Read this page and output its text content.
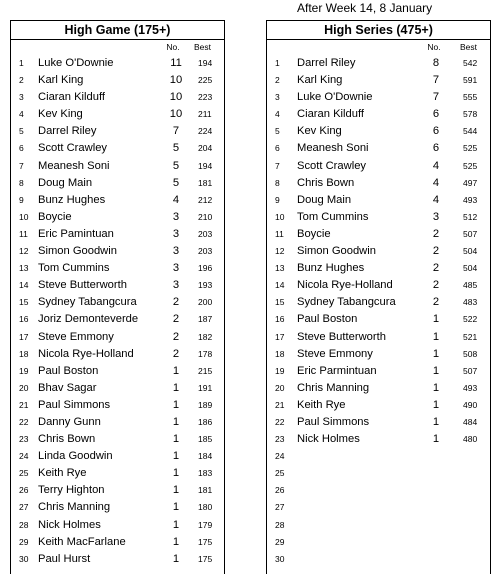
After Week 14, 8 January
High Game (175+)
No. Best
1 Luke O'Downie	11 194
2 Karl King	10 225
3 Ciaran Kilduff	10 223
4 Kev King	10 211
5 Darrel Riley	7	224
6 Scott Crawley	5	204
7 Meanesh Soni	5	194
8 Doug Main	5	181
9 Bunz Hughes	4	212
10 Boycie	3	210
11 Eric Pamintuan	3	203
12 Simon Goodwin	3	203
13 Tom Cummins	3	196
14 Steve Butterworth	3	193
15 Sydney Tabangcura	2	200
16 Joriz Demonteverde	2	187
17 Steve Emmony	2	182
18 Nicola Rye-Holland	2	178
19 Paul Boston	1	215
20 Bhav Sagar	1	191
21 Paul Simmons	1	189
22 Danny Gunn	1	186
23 Chris Bown	1	185
24 Linda Goodwin	1	184
25 Keith Rye	1	183
26 Terry Highton	1	181
27 Chris Manning	1	180
28 Nick Holmes	1	179
29 Keith MacFarlane	1	175
30 Paul Hurst	1	175
High Series (475+)
No. Best
1 Darrel Riley	8	542
2 Karl King	7	591
3 Luke O'Downie	7	555
4 Ciaran Kilduff	6	578
5 Kev King	6	544
6 Meanesh Soni	6	525
7 Scott Crawley	4	525
8 Chris Bown	4	497
9 Doug Main	4	493
10 Tom Cummins	3	512
11 Boycie	2	507
12 Simon Goodwin	2	504
13 Bunz Hughes	2	504
14 Nicola Rye-Holland	2	485
15 Sydney Tabangcura	2	483
16 Paul Boston	1	522
17 Steve Butterworth	1	521
18 Steve Emmony	1	508
19 Eric Parmintuan	1	507
20 Chris Manning	1	493
21 Keith Rye	1	490
22 Paul Simmons	1	484
23 Nick Holmes	1	480
24
25
26
27
28
29
30
